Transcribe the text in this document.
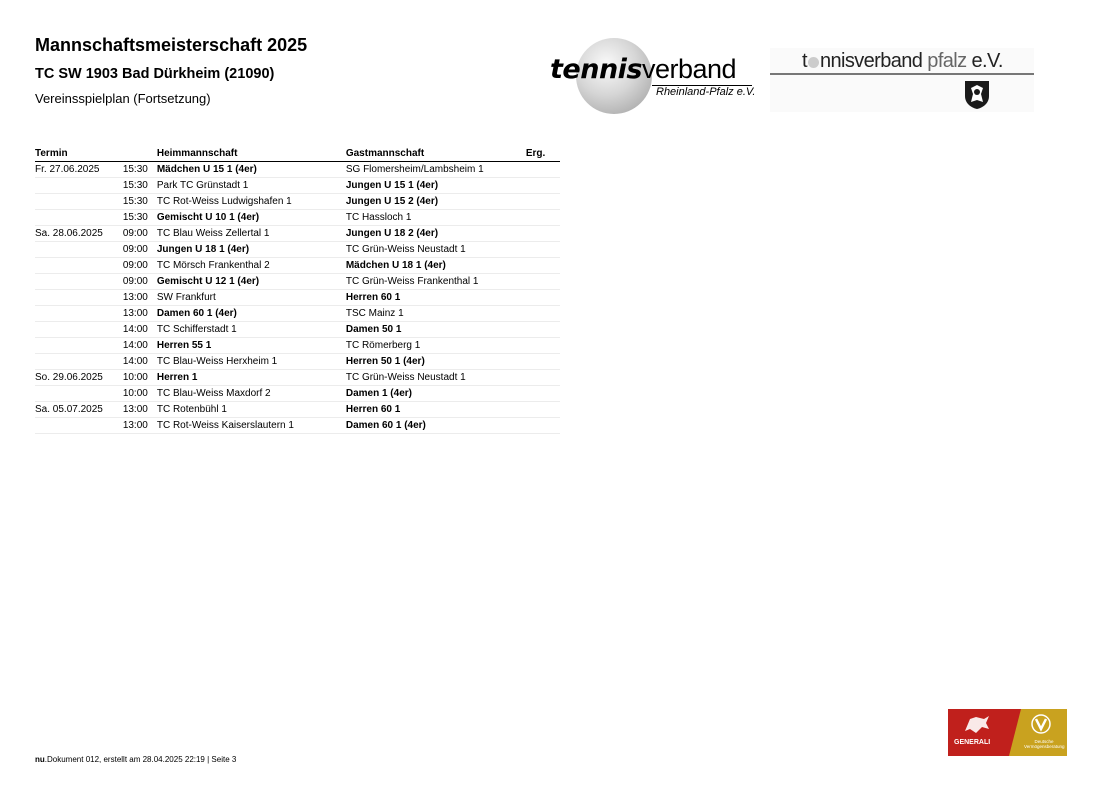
Mannschaftsmeisterschaft 2025
TC SW 1903 Bad Dürkheim (21090)
Vereinsspielplan (Fortsetzung)
tennisverband
Rheinland-Pfalz e.V.
t nnisverband pfalz e.V.
Termin		Heimmannschaft	Gastmannschaft	Erg.
Fr. 27.06.2025	15:30	Mädchen U 15 1 (4er)	SG Flomersheim/Lambsheim 1	
	15:30	Park TC Grünstadt 1	Jungen U 15 1 (4er)	
	15:30	TC Rot-Weiss Ludwigshafen 1	Jungen U 15 2 (4er)	
	15:30	Gemischt U 10 1 (4er)	TC Hassloch 1	
Sa. 28.06.2025	09:00	TC Blau Weiss Zellertal 1	Jungen U 18 2 (4er)	
	09:00	Jungen U 18 1 (4er)	TC Grün-Weiss Neustadt 1	
	09:00	TC Mörsch Frankenthal 2	Mädchen U 18 1 (4er)	
	09:00	Gemischt U 12 1 (4er)	TC Grün-Weiss Frankenthal 1	
	13:00	SW Frankfurt	Herren 60 1	
	13:00	Damen 60 1 (4er)	TSC Mainz 1	
	14:00	TC Schifferstadt 1	Damen 50 1	
	14:00	Herren 55 1	TC Römerberg 1	
	14:00	TC Blau-Weiss Herxheim 1	Herren 50 1 (4er)	
So. 29.06.2025	10:00	Herren 1	TC Grün-Weiss Neustadt 1	
	10:00	TC Blau-Weiss Maxdorf 2	Damen 1 (4er)	
Sa. 05.07.2025	13:00	TC Rotenbühl 1	Herren 60 1	
	13:00	TC Rot-Weiss Kaiserslautern 1	Damen 60 1 (4er)	
nu.Dokument 012, erstellt am 28.04.2025 22:19 | Seite 3
GENERALI	Deutsche Vermögensberatung
